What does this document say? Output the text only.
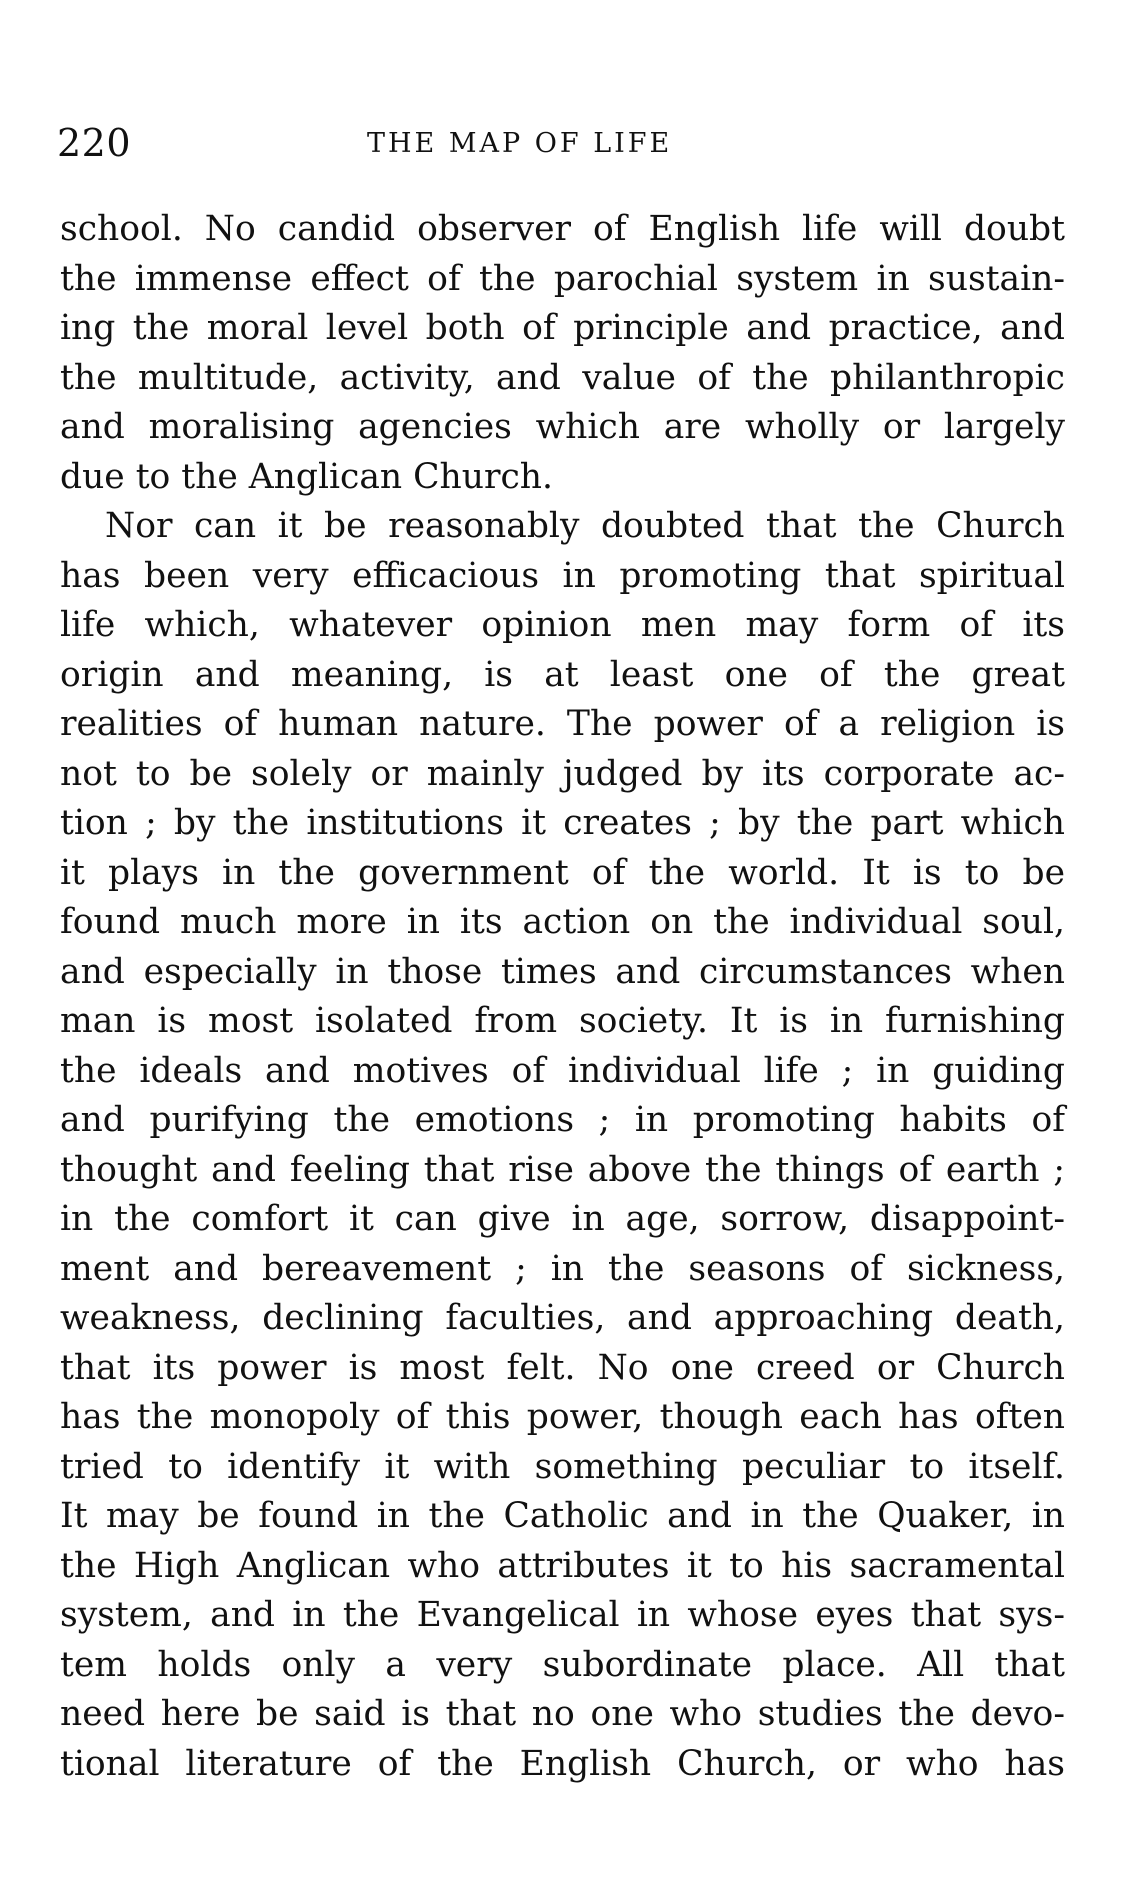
220	THE MAP OF LIFE
school. No candid observer of English life will doubt
the immense effect of the parochial system in sustain-
ing the moral level both of principle and practice, and
the multitude, activity, and value of the philanthropic
and moralising agencies which are wholly or largely
due to the Anglican Church.
Nor can it be reasonably doubted that the Church
has been very efficacious in promoting that spiritual
life which, whatever opinion men may form of its
origin and meaning, is at least one of the great
realities of human nature. The power of a religion is
not to be solely or mainly judged by its corporate ac-
tion ; by the institutions it creates ; by the part which
it plays in the government of the world. It is to be
found much more in its action on the individual soul,
and especially in those times and circumstances when
man is most isolated from society. It is in furnishing
the ideals and motives of individual life ; in guiding
and purifying the emotions ; in promoting habits of
thought and feeling that rise above the things of earth ;
in the comfort it can give in age, sorrow, disappoint-
ment and bereavement ; in the seasons of sickness,
weakness, declining faculties, and approaching death,
that its power is most felt. No one creed or Church
has the monopoly of this power, though each has often
tried to identify it with something peculiar to itself.
It may be found in the Catholic and in the Quaker, in
the High Anglican who attributes it to his sacramental
system, and in the Evangelical in whose eyes that sys-
tem holds only a very subordinate place. All that
need here be said is that no one who studies the devo-
tional literature of the English Church, or who has
